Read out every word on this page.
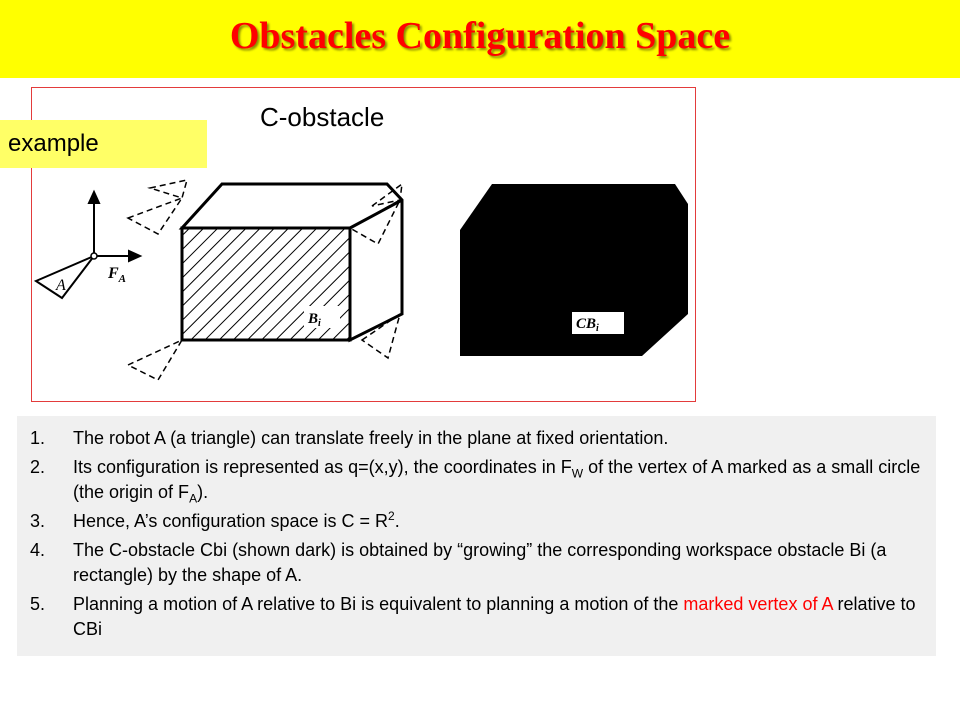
Obstacles Configuration Space
C-obstacle
$F_A$
A
$B_i$	$CB_i$
example
1. The robot A (a triangle) can translate freely in the plane at fixed orientation.
2. Its configuration is represented as q=(x,y), the coordinates in $F_W$ of the vertex of A marked as a small circle (the origin of $F_A$).
3. Hence, A’s configuration space is $C = R^2$.
4. The C-obstacle Cbi (shown dark) is obtained by “growing” the corresponding workspace obstacle Bi (a rectangle) by the shape of A.
5. Planning a motion of A relative to Bi is equivalent to planning a motion of the marked vertex of A relative to CBi
